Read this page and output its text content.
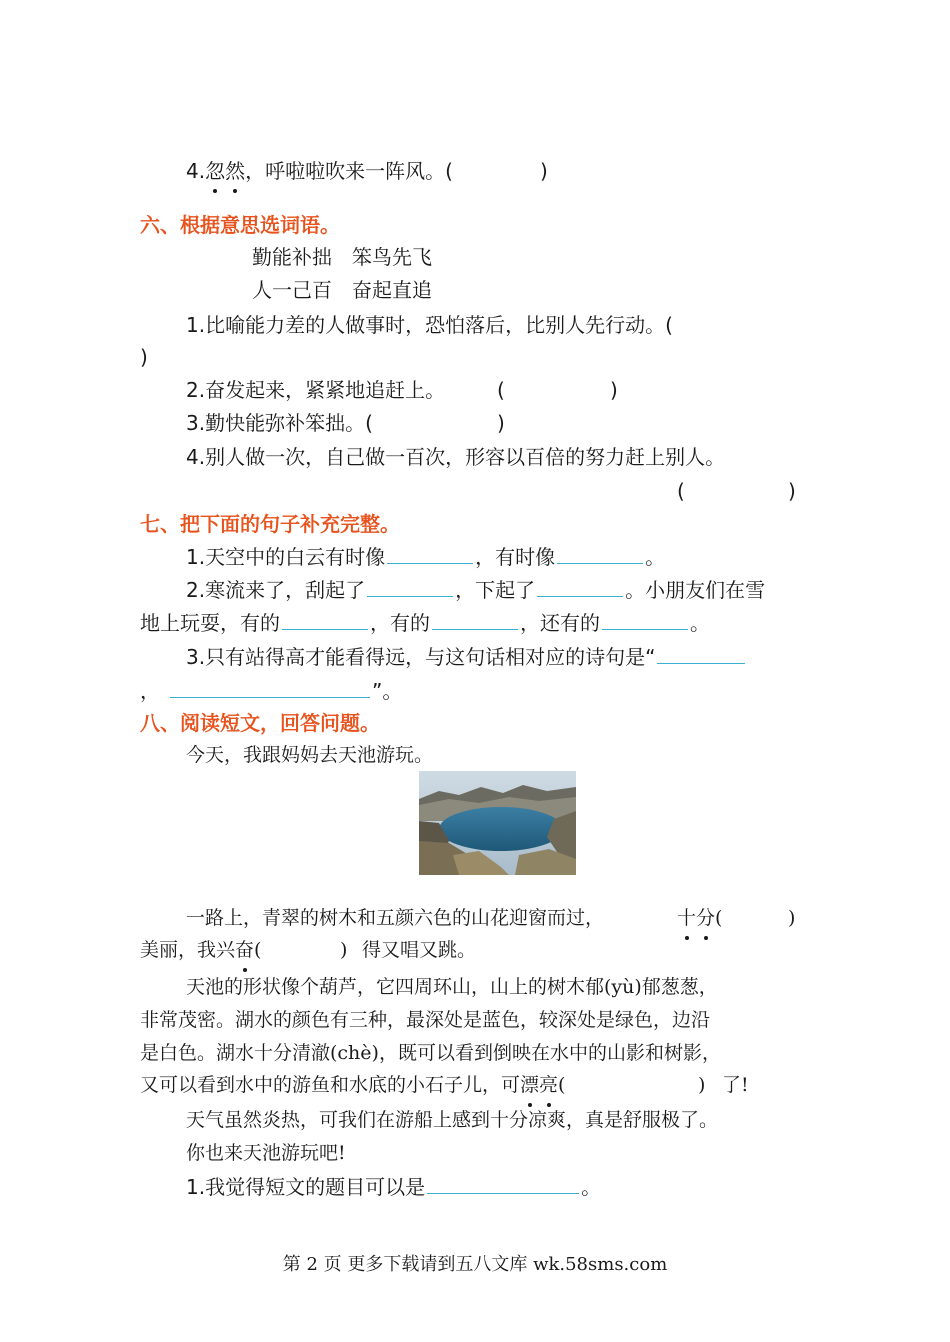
4.忽然，呼啦啦吹来一阵风。(	)
六、根据意思选词语。
勤能补拙　笨鸟先飞
人一己百　奋起直追
1.比喻能力差的人做事时，恐怕落后，比别人先行动。(
)
2.奋发起来，紧紧地追赶上。	(	)
3.勤快能弥补笨拙。(	)
4.别人做一次，自己做一百次，形容以百倍的努力赶上别人。
(	)
七、把下面的句子补充完整。
1.天空中的白云有时像	，有时像	。
2.寒流来了，刮起了	，下起了	。小朋友们在雪
地上玩耍，有的	，有的	，还有的	。
3.只有站得高才能看得远，与这句话相对应的诗句是“
，	”。
八、阅读短文，回答问题。
今天，我跟妈妈去天池游玩。
一路上，青翠的树木和五颜六色的山花迎窗而过，	十分(	)
美丽，我兴奋(	) 得又唱又跳。
天池的形状像个葫芦，它四周环山，山上的树木郁(yù)郁葱葱，
非常茂密。湖水的颜色有三种，最深处是蓝色，较深处是绿色，边沿
是白色。湖水十分清澈(chè)，既可以看到倒映在水中的山影和树影，
又可以看到水中的游鱼和水底的小石子儿，可漂亮(	) 了!
天气虽然炎热，可我们在游船上感到十分凉爽，真是舒服极了。
你也来天池游玩吧!
1.我觉得短文的题目可以是	。
第 2 页 更多下载请到五八文库 wk.58sms.com
